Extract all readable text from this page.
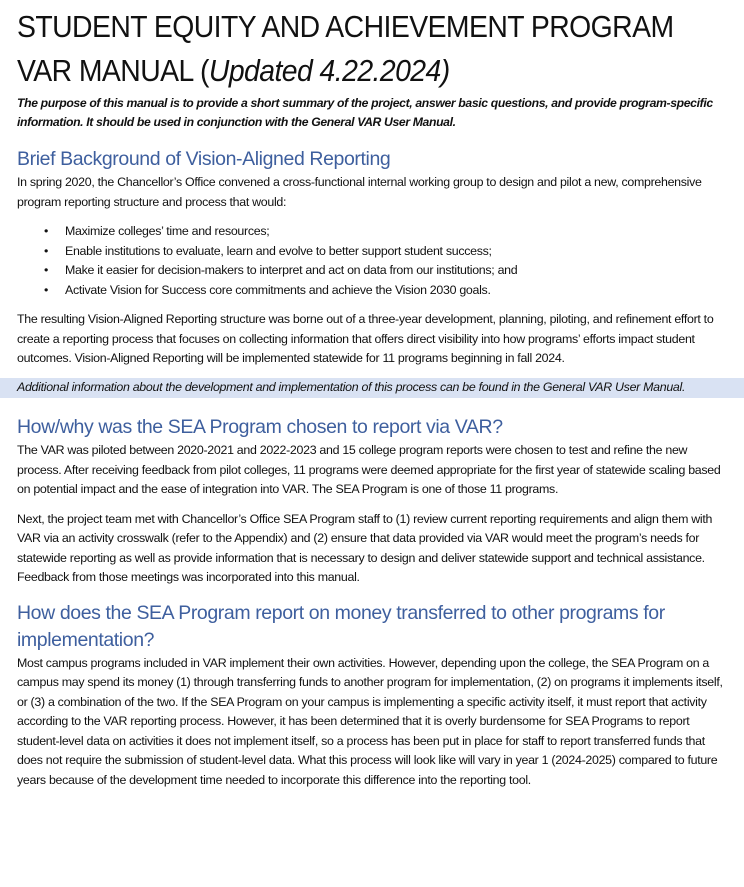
STUDENT EQUITY AND ACHIEVEMENT PROGRAM
VAR MANUAL (Updated 4.22.2024)

The purpose of this manual is to provide a short summary of the project, answer basic questions, and provide program-specific information. It should be used in conjunction with the General VAR User Manual.

Brief Background of Vision-Aligned Reporting

In spring 2020, the Chancellor’s Office convened a cross-functional internal working group to design and pilot a new, comprehensive program reporting structure and process that would:

• Maximize colleges’ time and resources;
• Enable institutions to evaluate, learn and evolve to better support student success;
• Make it easier for decision-makers to interpret and act on data from our institutions; and
• Activate Vision for Success core commitments and achieve the Vision 2030 goals.

The resulting Vision-Aligned Reporting structure was borne out of a three-year development, planning, piloting, and refinement effort to create a reporting process that focuses on collecting information that offers direct visibility into how programs’ efforts impact student outcomes. Vision-Aligned Reporting will be implemented statewide for 11 programs beginning in fall 2024.

Additional information about the development and implementation of this process can be found in the General VAR User Manual.

How/why was the SEA Program chosen to report via VAR?

The VAR was piloted between 2020-2021 and 2022-2023 and 15 college program reports were chosen to test and refine the new process. After receiving feedback from pilot colleges, 11 programs were deemed appropriate for the first year of statewide scaling based on potential impact and the ease of integration into VAR. The SEA Program is one of those 11 programs.

Next, the project team met with Chancellor’s Office SEA Program staff to (1) review current reporting requirements and align them with VAR via an activity crosswalk (refer to the Appendix) and (2) ensure that data provided via VAR would meet the program’s needs for statewide reporting as well as provide information that is necessary to design and deliver statewide support and technical assistance. Feedback from those meetings was incorporated into this manual.

How does the SEA Program report on money transferred to other programs for implementation?

Most campus programs included in VAR implement their own activities. However, depending upon the college, the SEA Program on a campus may spend its money (1) through transferring funds to another program for implementation, (2) on programs it implements itself, or (3) a combination of the two. If the SEA Program on your campus is implementing a specific activity itself, it must report that activity according to the VAR reporting process. However, it has been determined that it is overly burdensome for SEA Programs to report student-level data on activities it does not implement itself, so a process has been put in place for staff to report transferred funds that does not require the submission of student-level data. What this process will look like will vary in year 1 (2024-2025) compared to future years because of the development time needed to incorporate this difference into the reporting tool.
